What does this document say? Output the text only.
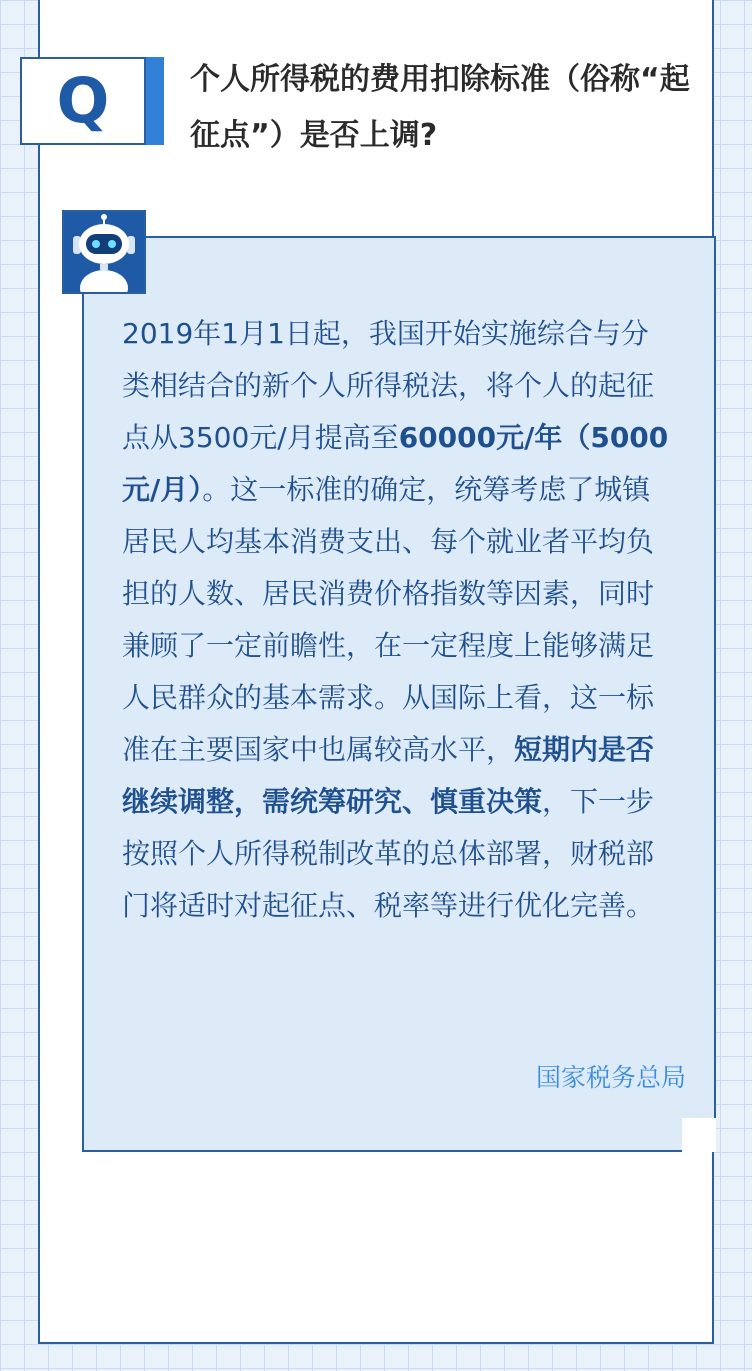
Q	个人所得税的费用扣除标准（俗称“起征点”）是否上调?

2019年1月1日起，我国开始实施综合与分类相结合的新个人所得税法，将个人的起征点从3500元/月提高至60000元/年（5000元/月）。这一标准的确定，统筹考虑了城镇居民人均基本消费支出、每个就业者平均负担的人数、居民消费价格指数等因素，同时兼顾了一定前瞻性，在一定程度上能够满足人民群众的基本需求。从国际上看，这一标准在主要国家中也属较高水平，短期内是否继续调整，需统筹研究、慎重决策，下一步按照个人所得税制改革的总体部署，财税部门将适时对起征点、税率等进行优化完善。

国家税务总局
